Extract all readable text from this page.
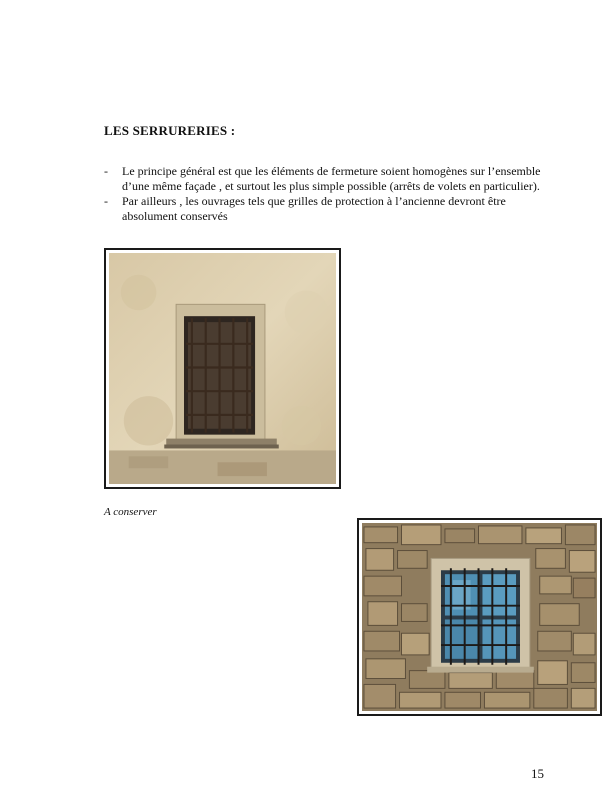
LES SERRURERIES :
- Le principe général est que les éléments de fermeture soient homogènes sur l’ensemble d’une même façade , et surtout les plus simple possible (arrêts de volets en particulier).
- Par ailleurs , les ouvrages tels que grilles de protection à l’ancienne devront être absolument conservés
A conserver
15
